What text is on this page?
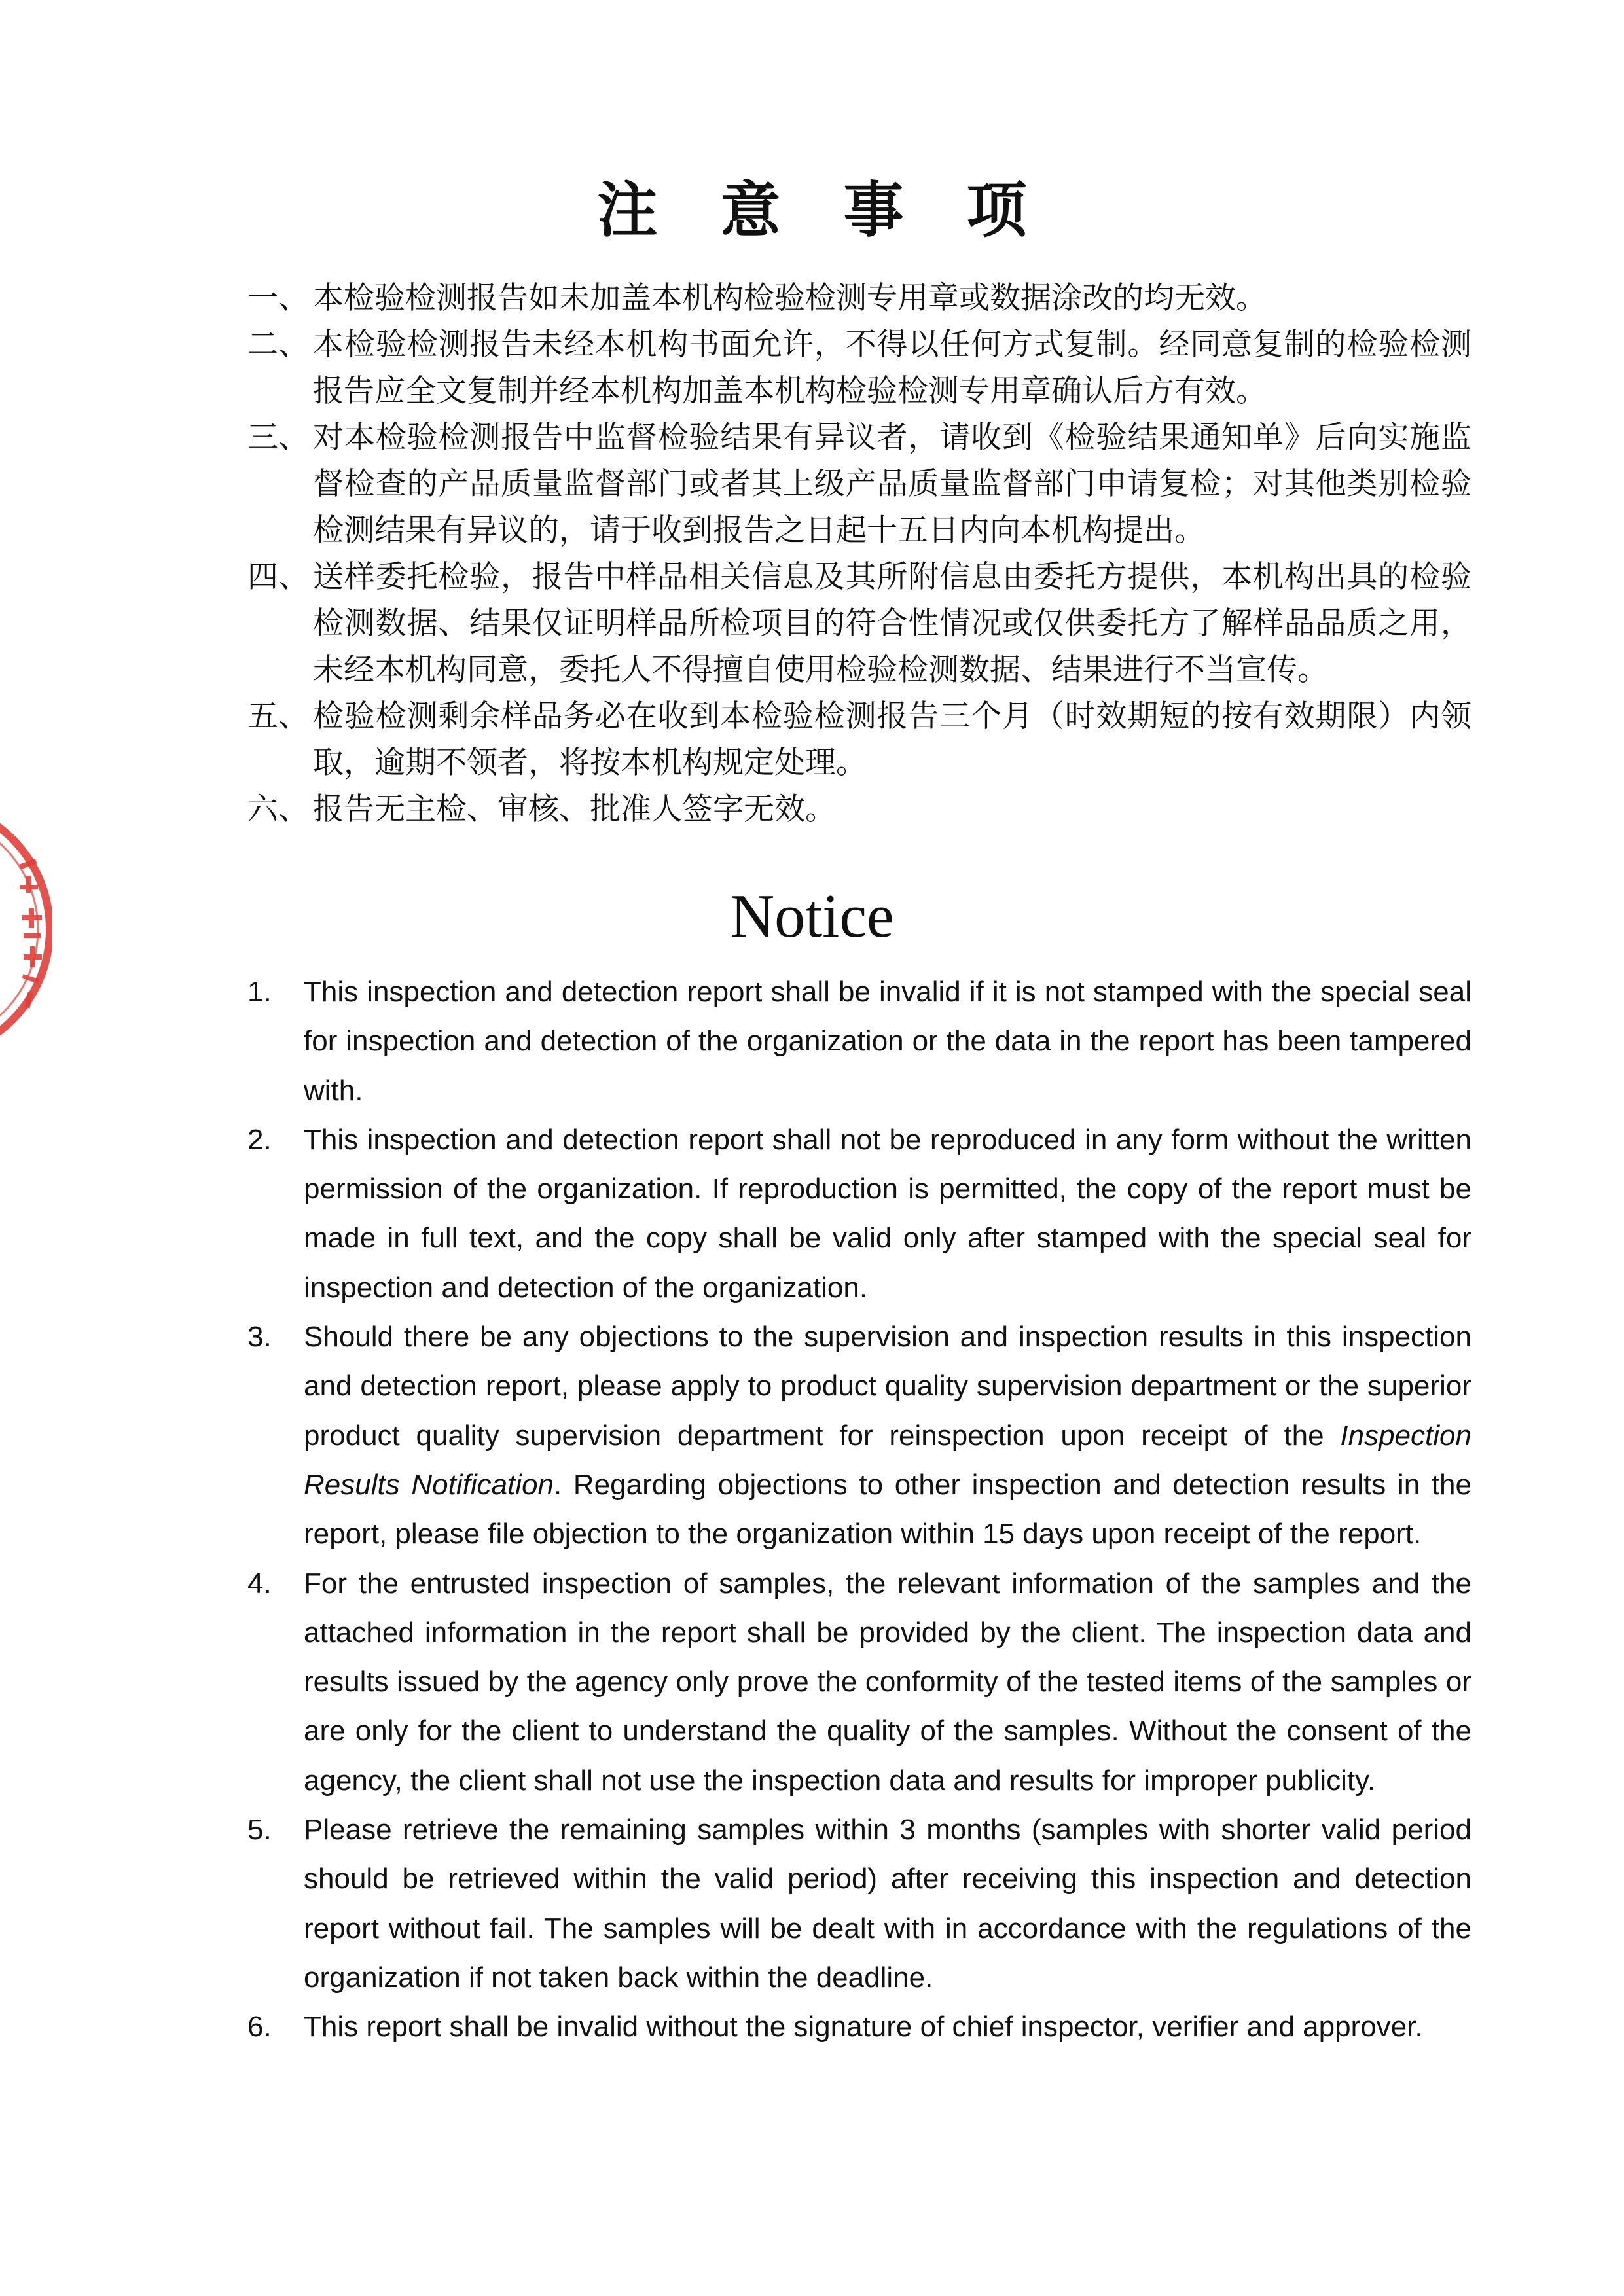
注意事项
一、 本检验检测报告如未加盖本机构检验检测专用章或数据涂改的均无效。
二、 本检验检测报告未经本机构书面允许，不得以任何方式复制。经同意复制的检验检测报告应全文复制并经本机构加盖本机构检验检测专用章确认后方有效。
三、 对本检验检测报告中监督检验结果有异议者，请收到《检验结果通知单》后向实施监督检查的产品质量监督部门或者其上级产品质量监督部门申请复检；对其他类别检验检测结果有异议的，请于收到报告之日起十五日内向本机构提出。
四、 送样委托检验，报告中样品相关信息及其所附信息由委托方提供，本机构出具的检验检测数据、结果仅证明样品所检项目的符合性情况或仅供委托方了解样品品质之用，未经本机构同意，委托人不得擅自使用检验检测数据、结果进行不当宣传。
五、 检验检测剩余样品务必在收到本检验检测报告三个月（时效期短的按有效期限）内领取，逾期不领者，将按本机构规定处理。
六、 报告无主检、审核、批准人签字无效。
Notice
1. This inspection and detection report shall be invalid if it is not stamped with the special seal for inspection and detection of the organization or the data in the report has been tampered with.
2. This inspection and detection report shall not be reproduced in any form without the written permission of the organization. If reproduction is permitted, the copy of the report must be made in full text, and the copy shall be valid only after stamped with the special seal for inspection and detection of the organization.
3. Should there be any objections to the supervision and inspection results in this inspection and detection report, please apply to product quality supervision department or the superior product quality supervision department for reinspection upon receipt of the Inspection Results Notification. Regarding objections to other inspection and detection results in the report, please file objection to the organization within 15 days upon receipt of the report.
4. For the entrusted inspection of samples, the relevant information of the samples and the attached information in the report shall be provided by the client. The inspection data and results issued by the agency only prove the conformity of the tested items of the samples or are only for the client to understand the quality of the samples. Without the consent of the agency, the client shall not use the inspection data and results for improper publicity.
5. Please retrieve the remaining samples within 3 months (samples with shorter valid period should be retrieved within the valid period) after receiving this inspection and detection report without fail. The samples will be dealt with in accordance with the regulations of the organization if not taken back within the deadline.
6. This report shall be invalid without the signature of chief inspector, verifier and approver.
